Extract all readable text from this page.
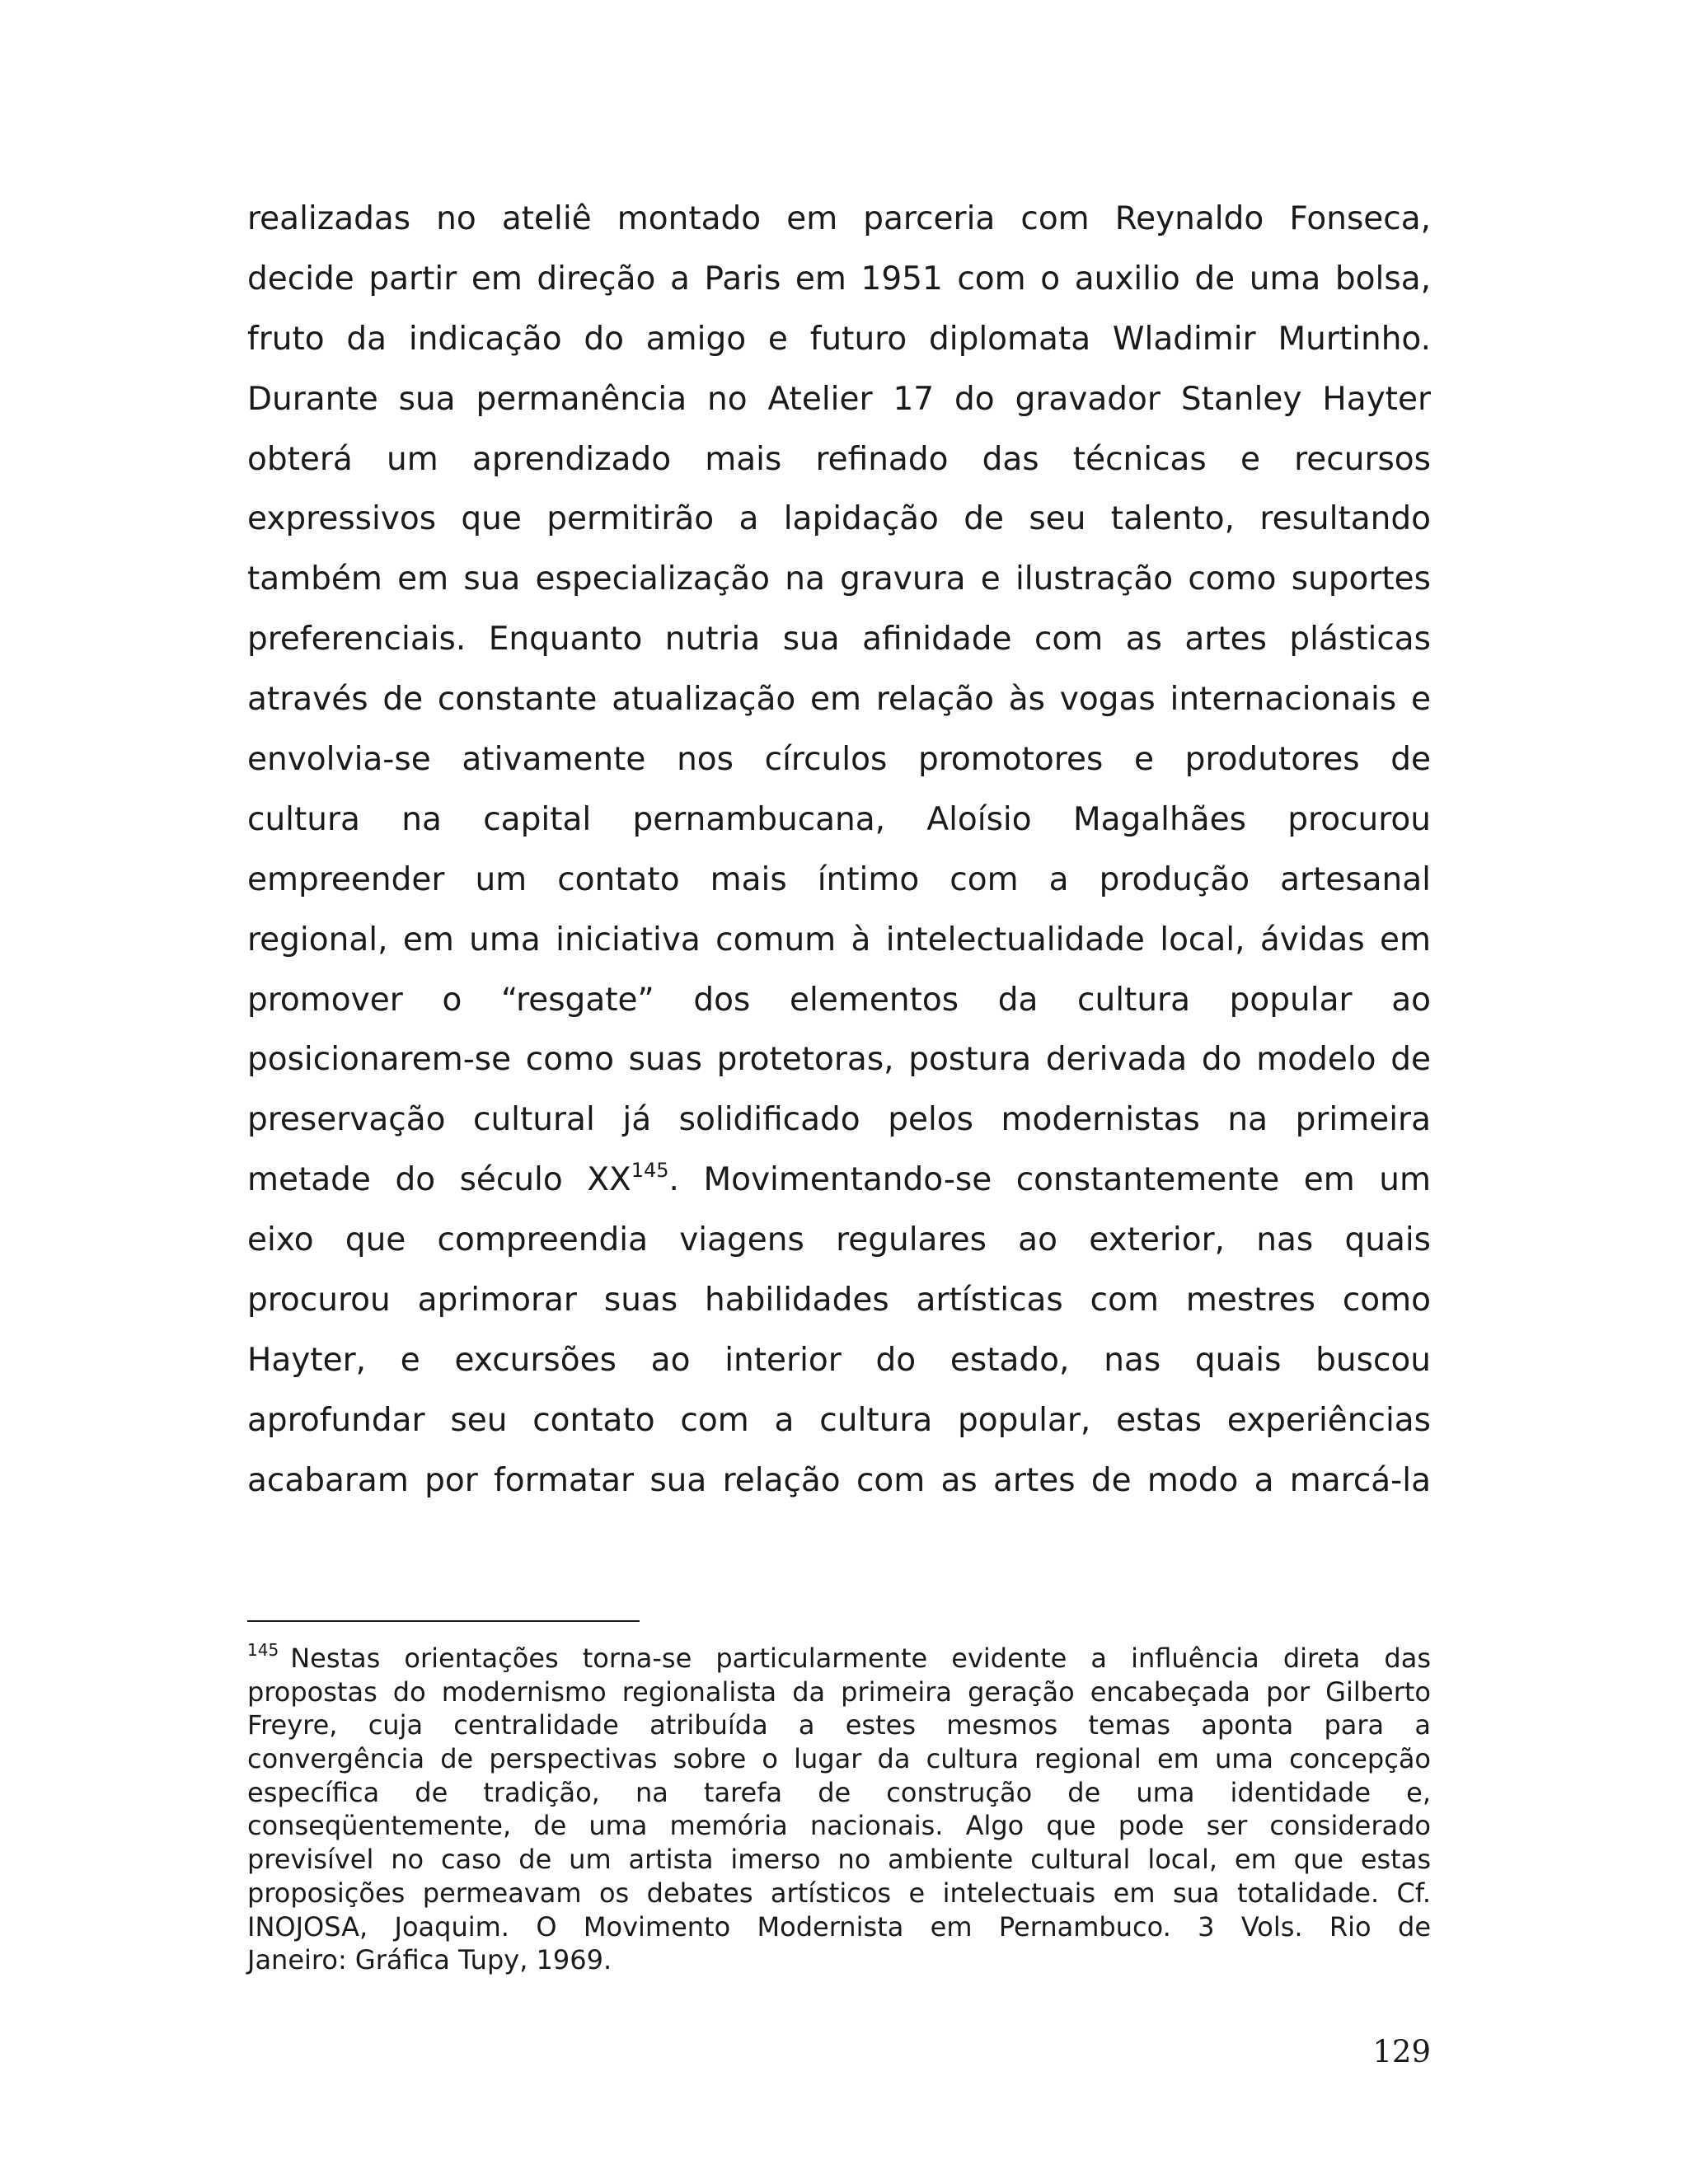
realizadas no ateliê montado em parceria com Reynaldo Fonseca,
decide partir em direção a Paris em 1951 com o auxilio de uma bolsa,
fruto da indicação do amigo e futuro diplomata Wladimir Murtinho.
Durante sua permanência no Atelier 17 do gravador Stanley Hayter
obterá um aprendizado mais refinado das técnicas e recursos
expressivos que permitirão a lapidação de seu talento, resultando
também em sua especialização na gravura e ilustração como suportes
preferenciais. Enquanto nutria sua afinidade com as artes plásticas
através de constante atualização em relação às vogas internacionais e
envolvia-se ativamente nos círculos promotores e produtores de
cultura na capital pernambucana, Aloísio Magalhães procurou
empreender um contato mais íntimo com a produção artesanal
regional, em uma iniciativa comum à intelectualidade local, ávidas em
promover o “resgate” dos elementos da cultura popular ao
posicionarem-se como suas protetoras, postura derivada do modelo de
preservação cultural já solidificado pelos modernistas na primeira
metade do século XX$^{145}$. Movimentando-se constantemente em um
eixo que compreendia viagens regulares ao exterior, nas quais
procurou aprimorar suas habilidades artísticas com mestres como
Hayter, e excursões ao interior do estado, nas quais buscou
aprofundar seu contato com a cultura popular, estas experiências
acabaram por formatar sua relação com as artes de modo a marcá-la
$^{145}$ Nestas orientações torna-se particularmente evidente a influência direta das
propostas do modernismo regionalista da primeira geração encabeçada por Gilberto
Freyre, cuja centralidade atribuída a estes mesmos temas aponta para a
convergência de perspectivas sobre o lugar da cultura regional em uma concepção
específica de tradição, na tarefa de construção de uma identidade e,
conseqüentemente, de uma memória nacionais. Algo que pode ser considerado
previsível no caso de um artista imerso no ambiente cultural local, em que estas
proposições permeavam os debates artísticos e intelectuais em sua totalidade. Cf.
INOJOSA, Joaquim. O Movimento Modernista em Pernambuco. 3 Vols. Rio de
Janeiro: Gráfica Tupy, 1969.
129
